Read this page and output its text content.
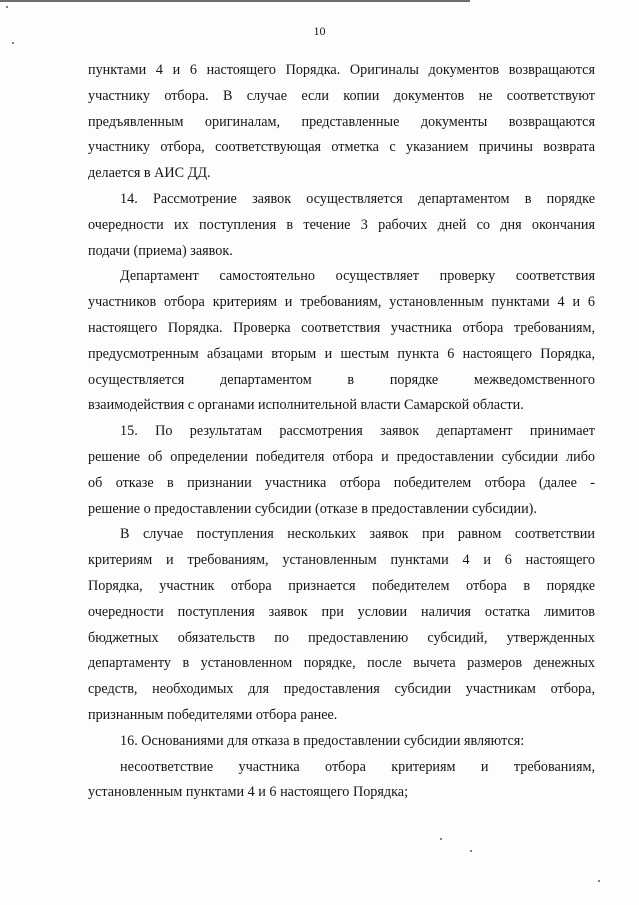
10

пунктами 4 и 6 настоящего Порядка. Оригиналы документов возвращаются

участнику отбора. В случае если копии документов не соответствуют

предъявленным оригиналам, представленные документы возвращаются

участнику отбора, соответствующая отметка с указанием причины возврата

делается в АИС ДД.

14. Рассмотрение заявок осуществляется департаментом в порядке

очередности их поступления в течение 3 рабочих дней со дня окончания

подачи (приема) заявок.

Департамент самостоятельно осуществляет проверку соответствия

участников отбора критериям и требованиям, установленным пунктами 4 и 6

настоящего Порядка. Проверка соответствия участника отбора требованиям,

предусмотренным абзацами вторым и шестым пункта 6 настоящего Порядка,

осуществляется департаментом в порядке межведомственного

взаимодействия с органами исполнительной власти Самарской области.

15. По результатам рассмотрения заявок департамент принимает

решение об определении победителя отбора и предоставлении субсидии либо

об отказе в признании участника отбора победителем отбора (далее -

решение о предоставлении субсидии (отказе в предоставлении субсидии).

В случае поступления нескольких заявок при равном соответствии

критериям и требованиям, установленным пунктами 4 и 6 настоящего

Порядка, участник отбора признается победителем отбора в порядке

очередности поступления заявок при условии наличия остатка лимитов

бюджетных обязательств по предоставлению субсидий, утвержденных

департаменту в установленном порядке, после вычета размеров денежных

средств, необходимых для предоставления субсидии участникам отбора,

признанным победителями отбора ранее.

16. Основаниями для отказа в предоставлении субсидии являются:

несоответствие участника отбора критериям и требованиям,

установленным пунктами 4 и 6 настоящего Порядка;
